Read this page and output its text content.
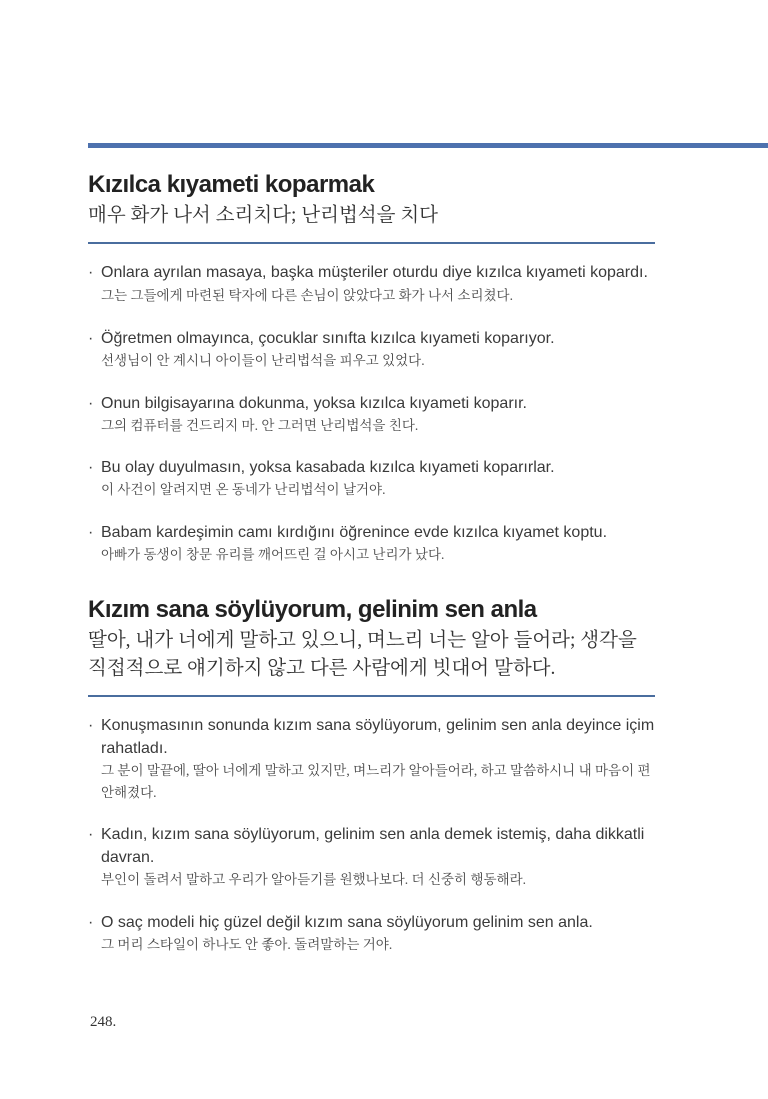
Kızılca kıyameti koparmak

매우 화가 나서 소리치다; 난리법석을 치다

· Onlara ayrılan masaya, başka müşteriler oturdu diye kızılca kıyameti kopardı. 그는 그들에게 마련된 탁자에 다른 손님이 앉았다고 화가 나서 소리쳤다.

· Öğretmen olmayınca, çocuklar sınıfta kızılca kıyameti koparıyor.

선생님이 안 계시니 아이들이 난리법석을 피우고 있었다.

· Onun bilgisayarına dokunma, yoksa kızılca kıyameti koparır.

그의 컴퓨터를 건드리지 마. 안 그러면 난리법석을 친다.

· Bu olay duyulmasın, yoksa kasabada kızılca kıyameti koparırlar.

이 사건이 알려지면 온 동네가 난리법석이 날거야.

· Babam kardeşimin camı kırdığını öğrenince evde kızılca kıyamet koptu.

아빠가 동생이 창문 유리를 깨어뜨린 걸 아시고 난리가 났다.

Kızım sana söylüyorum, gelinim sen anla

딸아, 내가 너에게 말하고 있으니, 며느리 너는 알아 들어라; 생각을 직접적으로 얘기하지 않고 다른 사람에게 빗대어 말하다.

· Konuşmasının sonunda kızım sana söylüyorum, gelinim sen anla deyince içim rahatladı.

그 분이 말끝에, 딸아 너에게 말하고 있지만, 며느리가 알아들어라, 하고 말씀하시니 내 마음이 편안해졌다.

· Kadın, kızım sana söylüyorum, gelinim sen anla demek istemiş, daha dikkatli davran.

부인이 돌려서 말하고 우리가 알아듣기를 원했나보다. 더 신중히 행동해라.

· O saç modeli hiç güzel değil kızım sana söylüyorum gelinim sen anla.

그 머리 스타일이 하나도 안 좋아. 돌려말하는 거야.

248.
